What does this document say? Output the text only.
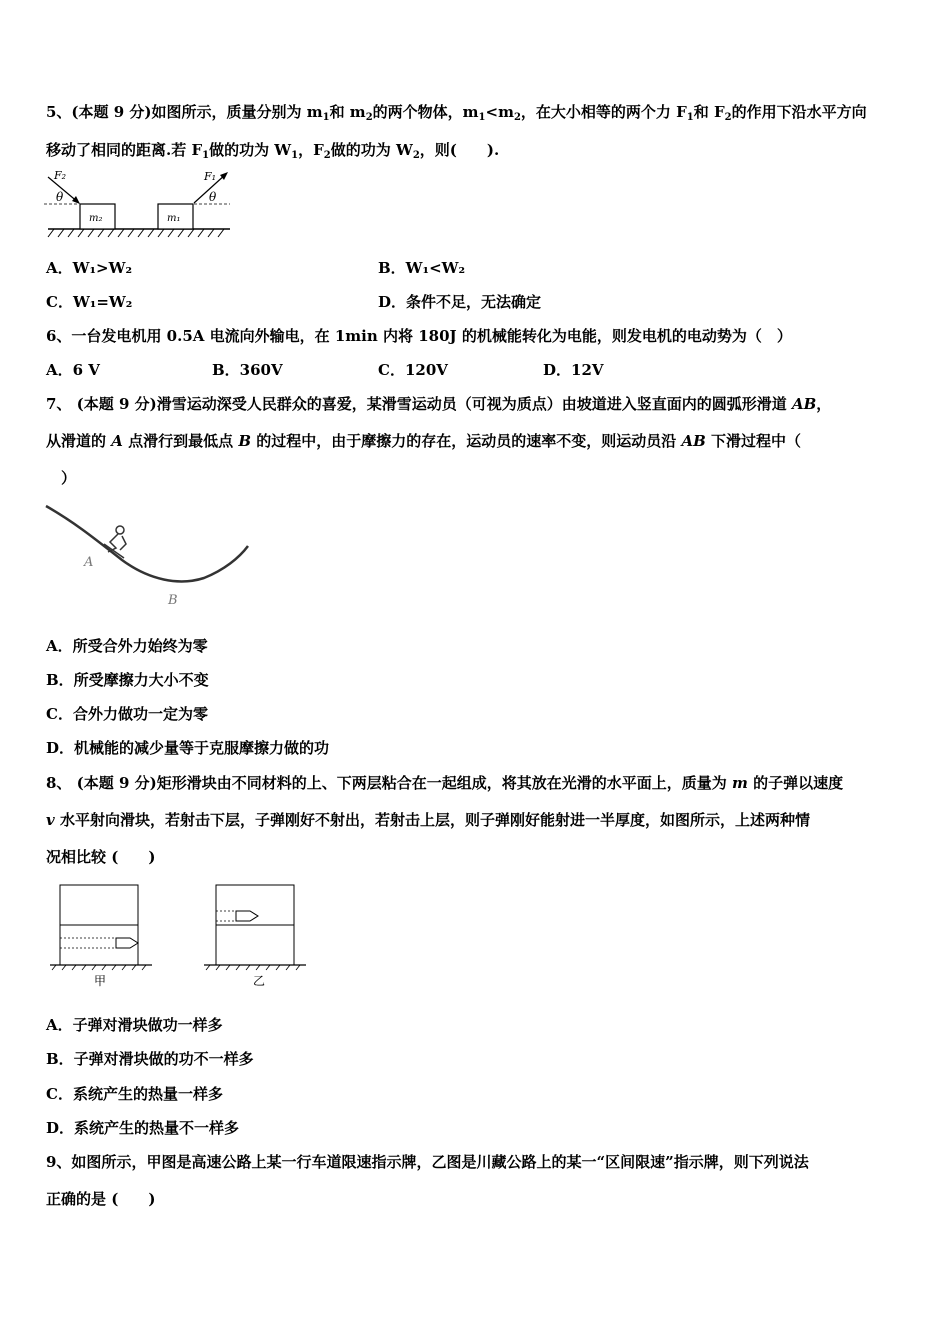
5、(本题 9 分)如图所示，质量分别为 $m_1$和 $m_2$的两个物体，$m_1<m_2$，在大小相等的两个力 $F_1$和 $F_2$的作用下沿水平方向
移动了相同的距离.若 $F_1$做的功为 $W_1$，$F_2$做的功为 $W_2$，则(　　).
F₂	F₁
θ	θ
m₂	m₁
A．W₁>W₂	B．W₁<W₂
C．W₁=W₂	D．条件不足，无法确定
6、一台发电机用 0.5A 电流向外输电，在 1min 内将 180J 的机械能转化为电能，则发电机的电动势为（　）
A．6 V	B．360V	C．120V	D．12V
7、 (本题 9 分)滑雪运动深受人民群众的喜爱，某滑雪运动员（可视为质点）由坡道进入竖直面内的圆弧形滑道 AB，
从滑道的 A 点滑行到最低点 B 的过程中，由于摩擦力的存在，运动员的速率不变，则运动员沿 AB 下滑过程中（
　）
A
B
A．所受合外力始终为零
B．所受摩擦力大小不变
C．合外力做功一定为零
D．机械能的减少量等于克服摩擦力做的功
8、 (本题 9 分)矩形滑块由不同材料的上、下两层粘合在一起组成，将其放在光滑的水平面上，质量为 m 的子弹以速度
v 水平射向滑块，若射击下层，子弹刚好不射出，若射击上层，则子弹刚好能射进一半厚度，如图所示，上述两种情
况相比较 (　　)
甲	乙
A．子弹对滑块做功一样多
B．子弹对滑块做的功不一样多
C．系统产生的热量一样多
D．系统产生的热量不一样多
9、如图所示，甲图是高速公路上某一行车道限速指示牌，乙图是川藏公路上的某一“区间限速”指示牌，则下列说法
正确的是 (　　)
